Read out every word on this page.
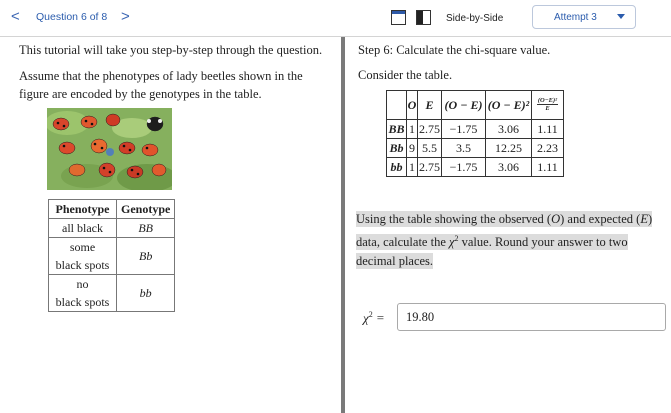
< Question 6 of 8 >	Side-by-Side	Attempt 3
This tutorial will take you step-by-step through the question.
Assume that the phenotypes of lady beetles shown in the figure are encoded by the genotypes in the table.
Phenotype	Genotype
all black	BB
some
black spots	Bb
no
black spots	bb
Step 6: Calculate the chi-square value.
Consider the table.
	O	E	(O − E)	(O − E)²	$\frac{\text{(O−E)²}}{E}$

BB	1	2.75	−1.75	3.06	1.11
Bb	9	5.5	3.5	12.25	2.23
bb	1	2.75	−1.75	3.06	1.11
Using the table showing the observed (O) and expected (E) data, calculate the $\chi^2$ value. Round your answer to two decimal places.
$\chi^2$ =
19.80
